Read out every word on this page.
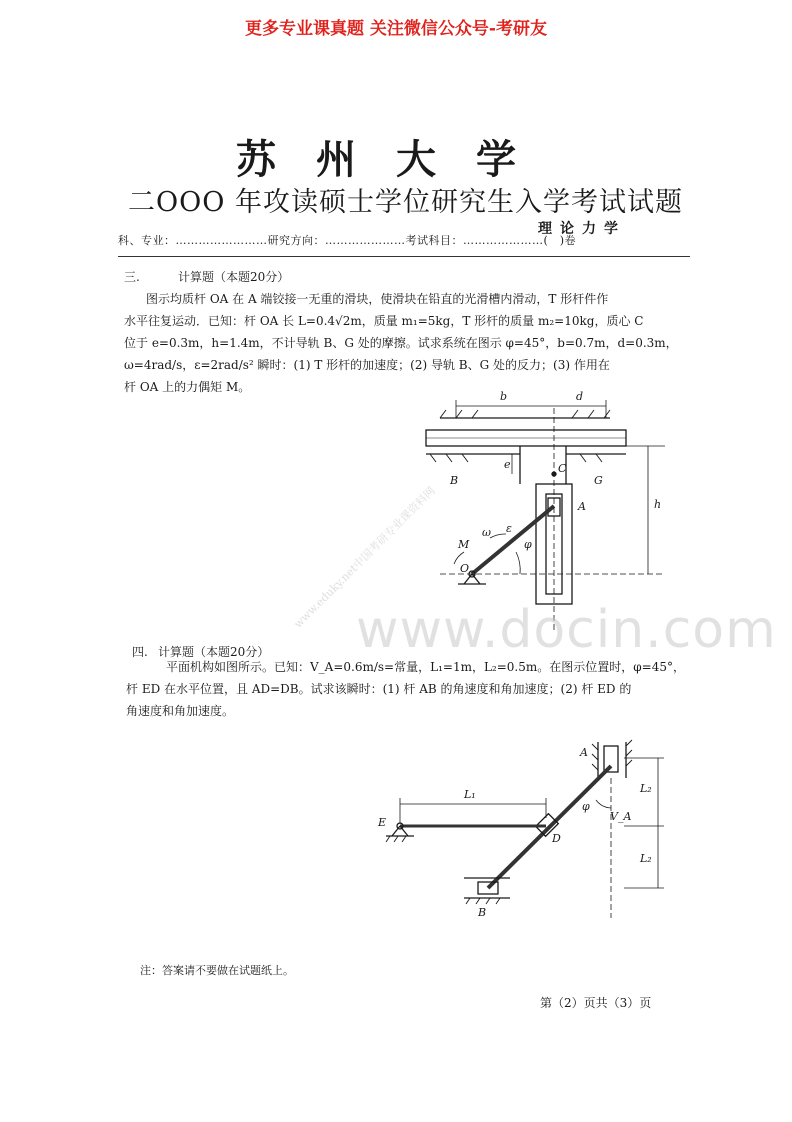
更多专业课真题 关注微信公众号-考研友
苏州大学
二OOO 年攻读硕士学位研究生入学考试试题
理论力学
科、专业：……………………研究方向：…………………考试科目：…………………(　)卷
三.	计算题（本题20分）
图示均质杆 OA 在 A 端铰接一无重的滑块，使滑块在铅直的光滑槽内滑动，T 形杆件作
水平往复运动．已知：杆 OA 长 L=0.4√2m，质量 m₁=5kg，T 形杆的质量 m₂=10kg，质心 C
位于 e=0.3m，h=1.4m，不计导轨 B、G 处的摩擦。试求系统在图示 φ=45°，b=0.7m，d=0.3m，
ω=4rad/s，ε=2rad/s² 瞬时：(1) T 形杆的加速度；(2) 导轨 B、G 处的反力；(3) 作用在
杆 OA 上的力偶矩 M。
b	d
e	C
B	G
A	h
ω ε
M	φ
O
www.eduky.net中国考研专业课资料网
www.docin.com
四. 计算题（本题20分）
平面机构如图所示。已知：V_A=0.6m/s=常量，L₁=1m，L₂=0.5m。在图示位置时，φ=45°，
杆 ED 在水平位置，且 AD=DB。试求该瞬时：(1) 杆 AB 的角速度和角加速度；(2) 杆 ED 的
角速度和角加速度。
A
L₁	L₂
V_A
φ
E
D
L₂
B
注：答案请不要做在试题纸上。
第（2）页共（3）页
